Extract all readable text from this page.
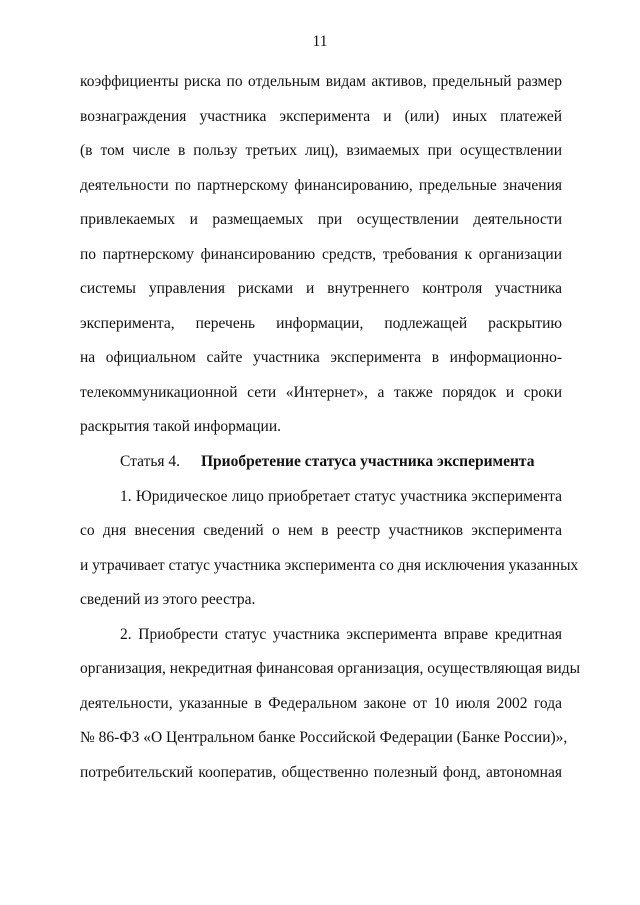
11
коэффициенты риска по отдельным видам активов, предельный размер
вознаграждения участника эксперимента и (или) иных платежей
(в том числе в пользу третьих лиц), взимаемых при осуществлении
деятельности по партнерскому финансированию, предельные значения
привлекаемых и размещаемых при осуществлении деятельности
по партнерскому финансированию средств, требования к организации
системы управления рисками и внутреннего контроля участника
эксперимента, перечень информации, подлежащей раскрытию
на официальном сайте участника эксперимента в информационно-
телекоммуникационной сети «Интернет», а также порядок и сроки
раскрытия такой информации.
Статья 4. Приобретение статуса участника эксперимента
1. Юридическое лицо приобретает статус участника эксперимента
со дня внесения сведений о нем в реестр участников эксперимента
и утрачивает статус участника эксперимента со дня исключения указанных
сведений из этого реестра.
2. Приобрести статус участника эксперимента вправе кредитная
организация, некредитная финансовая организация, осуществляющая виды
деятельности, указанные в Федеральном законе от 10 июля 2002 года
№ 86-ФЗ «О Центральном банке Российской Федерации (Банке России)»,
потребительский кооператив, общественно полезный фонд, автономная
